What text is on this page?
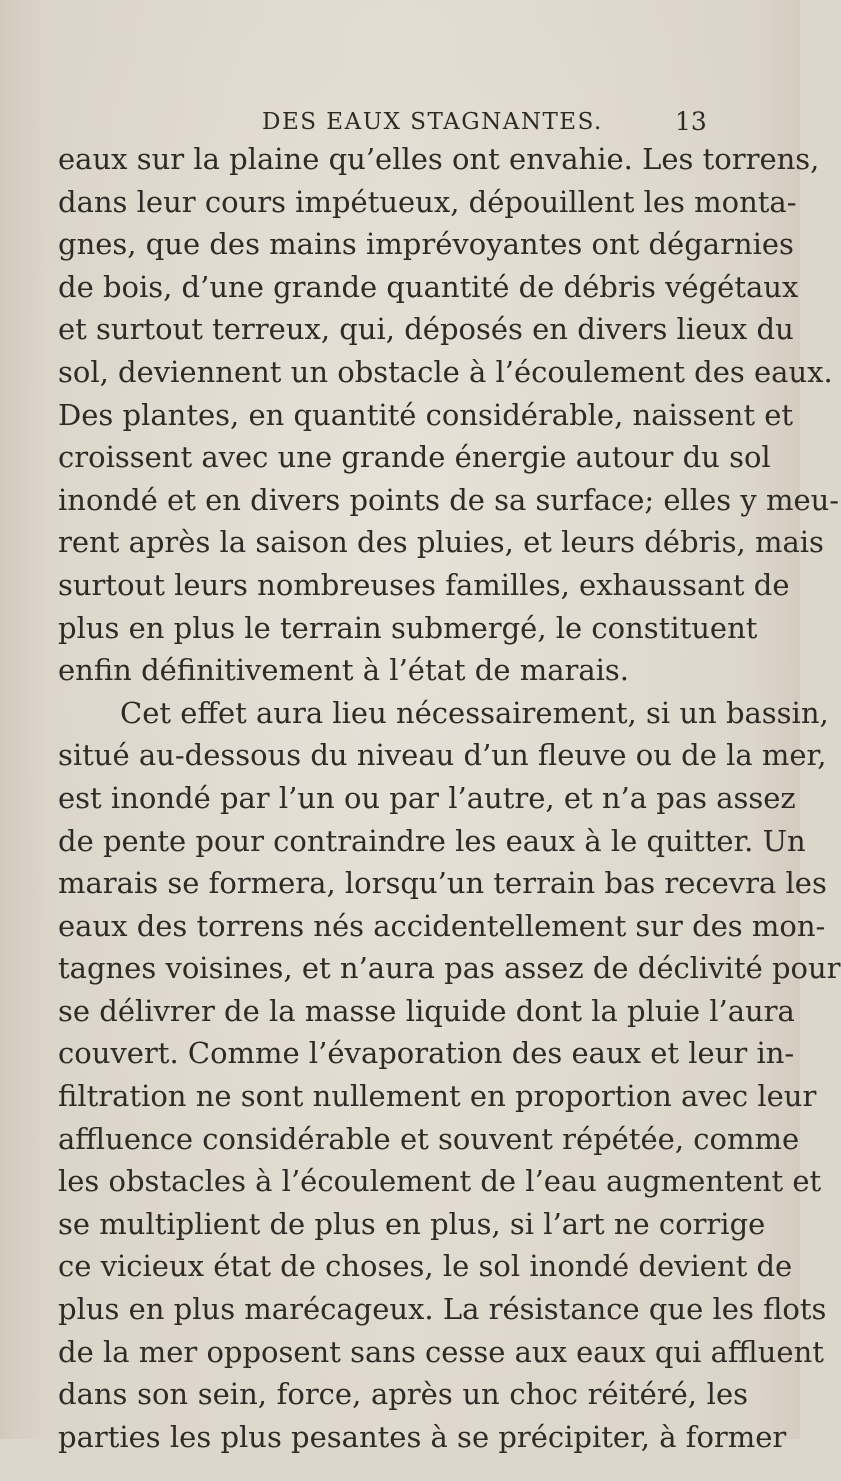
DES EAUX STAGNANTES.	13
eaux sur la plaine qu’elles ont envahie. Les torrens,
dans leur cours impétueux, dépouillent les monta-
gnes, que des mains imprévoyantes ont dégarnies
de bois, d’une grande quantité de débris végétaux
et surtout terreux, qui, déposés en divers lieux du
sol, deviennent un obstacle à l’écoulement des eaux.
Des plantes, en quantité considérable, naissent et
croissent avec une grande énergie autour du sol
inondé et en divers points de sa surface; elles y meu-
rent après la saison des pluies, et leurs débris, mais
surtout leurs nombreuses familles, exhaussant de
plus en plus le terrain submergé, le constituent
enfin définitivement à l’état de marais.
Cet effet aura lieu nécessairement, si un bassin,
situé au-dessous du niveau d’un fleuve ou de la mer,
est inondé par l’un ou par l’autre, et n’a pas assez
de pente pour contraindre les eaux à le quitter. Un
marais se formera, lorsqu’un terrain bas recevra les
eaux des torrens nés accidentellement sur des mon-
tagnes voisines, et n’aura pas assez de déclivité pour
se délivrer de la masse liquide dont la pluie l’aura
couvert. Comme l’évaporation des eaux et leur in-
filtration ne sont nullement en proportion avec leur
affluence considérable et souvent répétée, comme
les obstacles à l’écoulement de l’eau augmentent et
se multiplient de plus en plus, si l’art ne corrige
ce vicieux état de choses, le sol inondé devient de
plus en plus marécageux. La résistance que les flots
de la mer opposent sans cesse aux eaux qui affluent
dans son sein, force, après un choc réitéré, les
parties les plus pesantes à se précipiter, à former
